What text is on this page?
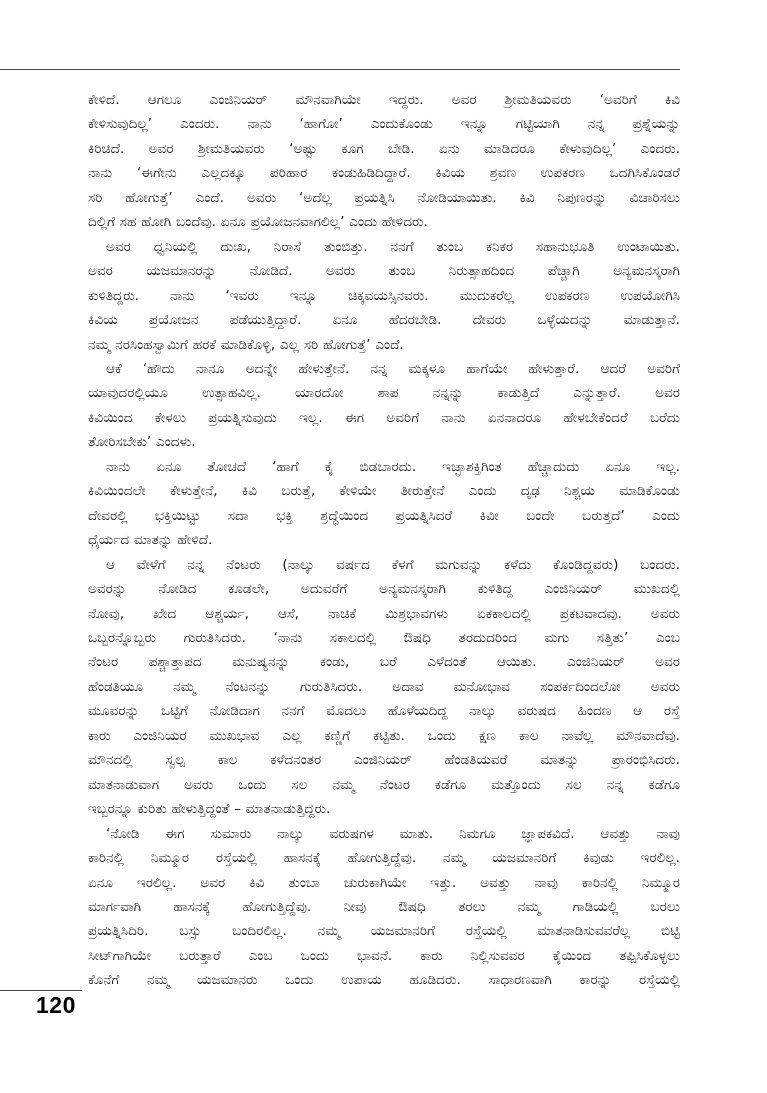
ಕೇಳಿದೆ. ಆಗಲೂ ಎಂಜಿನಿಯರ್ ಮೌನವಾಗಿಯೇ ಇದ್ದರು. ಅವರ ಶ್ರೀಮತಿಯವರು ‘ಅವರಿಗೆ ಕಿವಿ
ಕೇಳಿಸುವುದಿಲ್ಲ’ ಎಂದರು. ನಾನು ‘ಹಾಗೋ’ ಎಂದುಕೊಂಡು ಇನ್ನೂ ಗಟ್ಟಿಯಾಗಿ ನನ್ನ ಪ್ರಶ್ನೆಯನ್ನು
ಕಿರಿಚಿದೆ. ಅವರ ಶ್ರೀಮತಿಯವರು ‘ಅಷ್ಟು ಕೂಗ ಬೇಡಿ. ಏನು ಮಾಡಿದರೂ ಕೇಳುವುದಿಲ್ಲ’ ಎಂದರು.
ನಾನು ‘ಈಗೇನು ಎಲ್ಲದಕ್ಕೂ ಪರಿಹಾರ ಕಂಡುಹಿಡಿದಿದ್ದಾರೆ. ಕಿವಿಯ ಶ್ರವಣ ಉಪಕರಣ ಒದಗಿಸಿಕೊಂಡರೆ
ಸರಿ ಹೋಗುತ್ತೆ’ ಎಂದೆ. ಅವರು ‘ಅದೆಲ್ಲ ಪ್ರಯತ್ನಿಸಿ ನೋಡಿಯಾಯಿತು. ಕಿವಿ ನಿಪುಣರನ್ನು ವಿಚಾರಿಸಲು
ದಿಲ್ಲಿಗೆ ಸಹ ಹೋಗಿ ಬಂದೆವು. ಏನೂ ಪ್ರಯೋಜನವಾಗಲಿಲ್ಲ’ ಎಂದು ಹೇಳಿದರು.
ಅವರ ಧ್ವನಿಯಲ್ಲಿ ದುಃಖ, ನಿರಾಸೆ ತುಂಬಿತ್ತು. ನನಗೆ ತುಂಬ ಕನಿಕರ ಸಹಾನುಭೂತಿ ಉಂಟಾಯಿತು.
ಅವರ ಯಜಮಾನರನ್ನು ನೋಡಿದೆ. ಅವರು ತುಂಬ ನಿರುತ್ಸಾಹದಿಂದ ಪೆಚ್ಚಾಗಿ ಅನ್ಯಮನಸ್ಕರಾಗಿ
ಕುಳಿತಿದ್ದರು. ನಾನು ‘ಇವರು ಇನ್ನೂ ಚಿಕ್ಕವಯಸ್ಸಿನವರು. ಮುದುಕರೆಲ್ಲ ಉಪಕರಣ ಉಪಯೋಗಿಸಿ
ಕಿವಿಯ ಪ್ರಯೋಜನ ಪಡೆಯುತ್ತಿದ್ದಾರೆ. ಏನೂ ಹೆದರಬೇಡಿ. ದೇವರು ಒಳ್ಳೆಯದನ್ನು ಮಾಡುತ್ತಾನೆ.
ನಮ್ಮ ನರಸಿಂಹಸ್ವಾಮಿಗೆ ಹರಕೆ ಮಾಡಿಕೊಳ್ಳಿ, ಎಲ್ಲ ಸರಿ ಹೋಗುತ್ತೆ’ ಎಂದೆ.
ಆಕೆ ‘ಹೌದು ನಾನೂ ಅದನ್ನೇ ಹೇಳುತ್ತೇನೆ. ನನ್ನ ಮಕ್ಕಳೂ ಹಾಗೆಯೇ ಹೇಳುತ್ತಾರೆ. ಆದರೆ ಅವರಿಗೆ
ಯಾವುದರಲ್ಲಿಯೂ ಉತ್ಸಾಹವಿಲ್ಲ. ಯಾರದೋ ಶಾಪ ನನ್ನನ್ನು ಕಾಡುತ್ತಿದೆ ಎನ್ನುತ್ತಾರೆ. ಅವರ
ಕಿವಿಯಿಂದ ಕೇಳಲು ಪ್ರಯತ್ನಿಸುವುದು ಇಲ್ಲ. ಈಗ ಅವರಿಗೆ ನಾನು ಏನನಾದರೂ ಹೇಳಬೇಕೆಂದರೆ ಬರೆದು
ತೋರಿಸಬೇಕು’ ಎಂದಳು.
ನಾನು ಏನೂ ತೋಚದೆ ‘ಹಾಗೆ ಕೈ ಬಿಡಬಾರದು. ಇಚ್ಛಾಶಕ್ತಿಗಿಂತ ಹೆಚ್ಚಾದುದು ಏನೂ ಇಲ್ಲ.
ಕಿವಿಯಿಂದಲೇ ಕೇಳುತ್ತೇನೆ, ಕಿವಿ ಬರುತ್ತೆ, ಕೇಳಿಯೇ ತೀರುತ್ತೇನೆ ಎಂದು ದೃಢ ನಿಶ್ಚಯ ಮಾಡಿಕೊಂಡು
ದೇವರಲ್ಲಿ ಭಕ್ತಿಯಿಟ್ಟು ಸದಾ ಭಕ್ತಿ ಶ್ರದ್ಧೆಯಿಂದ ಪ್ರಯತ್ನಿಸಿದರೆ ಕಿವೀ ಬಂದೇ ಬರುತ್ತದೆ’ ಎಂದು
ಧೈರ್ಯದ ಮಾತನ್ನು ಹೇಳಿದೆ.
ಆ ವೇಳೆಗೆ ನನ್ನ ನೆಂಟರು (ನಾಲ್ಕು ವರ್ಷದ ಕೆಳಗೆ ಮಗುವನ್ನು ಕಳೆದು ಕೊಂಡಿದ್ದವರು) ಬಂದರು.
ಅವರನ್ನು ನೋಡಿದ ಕೂಡಲೇ, ಅದುವರೆಗೆ ಅನ್ಯಮನಸ್ಕರಾಗಿ ಕುಳಿತಿದ್ದ ಎಂಜಿನಿಯರ್ ಮುಖದಲ್ಲಿ
ನೋವು, ಖೇದ ಆಶ್ಚರ್ಯ, ಆಸೆ, ನಾಚಿಕೆ ಮಿಶ್ರಭಾವಗಳು ಏಕಕಾಲದಲ್ಲಿ ಪ್ರಕಟವಾದವು. ಅವರು
ಒಬ್ಬರನ್ನೊಬ್ಬರು ಗುರುತಿಸಿದರು. ‘ನಾನು ಸಕಾಲದಲ್ಲಿ ಔಷಧಿ ತರದುದರಿಂದ ಮಗು ಸತ್ತಿತು’ ಎಂಬ
ನೆಂಟರ ಪಶ್ಚಾತ್ತಾಪದ ಮನುಷ್ಯನನ್ನು ಕಂಡು, ಬರೆ ಎಳೆದಂತೆ ಆಯಿತು. ಎಂಜಿನಿಯರ್ ಅವರ
ಹೆಂಡತಿಯೂ ನಮ್ಮ ನೆಂಟನನ್ನು ಗುರುತಿಸಿದರು. ಅದಾವ ಮನೋಭಾವ ಸಂಪರ್ಕದಿಂದಲೋ ಅವರು
ಮೂವರನ್ನು ಒಟ್ಟಿಗೆ ನೋಡಿದಾಗ ನನಗೆ ಮೊದಲು ಹೊಳೆಯದಿದ್ದ ನಾಲ್ಕು ವರುಷದ ಹಿಂದಣ ಆ ರಸ್ತೆ
ಕಾರು ಎಂಜಿನಿಯರ ಮುಖಭಾವ ಎಲ್ಲ ಕಣ್ಣಿಗೆ ಕಟ್ಟಿತು. ಒಂದು ಕ್ಷಣ ಕಾಲ ನಾವೆಲ್ಲ ಮೌನವಾದೆವು.
ಮೌನದಲ್ಲಿ ಸ್ವಲ್ಪ ಕಾಲ ಕಳೆದನಂತರ ಎಂಜಿನಿಯರ್ ಹೆಂಡತಿಯವರೆ ಮಾತನ್ನು ಪ್ರಾರಂಭಿಸಿದರು.
ಮಾತನಾಡುವಾಗ ಅವರು ಒಂದು ಸಲ ನಮ್ಮ ನೆಂಟರ ಕಡೆಗೂ ಮತ್ತೊಂದು ಸಲ ನನ್ನ ಕಡೆಗೂ
ಇಬ್ಬರನ್ನೂ ಕುರಿತು ಹೇಳುತ್ತಿದ್ದಂತೆ – ಮಾತನಾಡುತ್ತಿದ್ದರು.
‘ನೋಡಿ ಈಗ ಸುಮಾರು ನಾಲ್ಕು ವರುಷಗಳ ಮಾತು. ನಿಮಗೂ ಜ್ಞಾಪಕವಿದೆ. ಆವತ್ತು ನಾವು
ಕಾರಿನಲ್ಲಿ ನಿಮ್ಮೂರ ರಸ್ತೆಯಲ್ಲಿ ಹಾಸನಕ್ಕೆ ಹೋಗುತ್ತಿದ್ದೆವು. ನಮ್ಮ ಯಜಮಾನರಿಗೆ ಕಿವುಡು ಇರಲಿಲ್ಲ.
ಏನೂ ಇರಲಿಲ್ಲ. ಅವರ ಕಿವಿ ತುಂಬಾ ಚುರುಕಾಗಿಯೇ ಇತ್ತು. ಅವತ್ತು ನಾವು ಕಾರಿನಲ್ಲಿ ನಿಮ್ಮೂರ
ಮಾರ್ಗವಾಗಿ ಹಾಸನಕ್ಕೆ ಹೋಗುತ್ತಿದ್ದೆವು. ನೀವು ಔಷಧಿ ತರಲು ನಮ್ಮ ಗಾಡಿಯಲ್ಲಿ ಬರಲು
ಪ್ರಯತ್ನಿಸಿದಿರಿ. ಬಸ್ಸು ಬಂದಿರಲಿಲ್ಲ. ನಮ್ಮ ಯಜಮಾನರಿಗೆ ರಸ್ತೆಯಲ್ಲಿ ಮಾತನಾಡಿಸುವವರೆಲ್ಲ ಬಿಟ್ಟಿ
ಸೀಟ್‌ಗಾಗಿಯೇ ಬರುತ್ತಾರೆ ಎಂಬ ಒಂದು ಭಾವನೆ. ಕಾರು ನಿಲ್ಲಿಸುವವರ ಕೈಯಿಂದ ತಪ್ಪಿಸಿಕೊಳ್ಳಲು
ಕೊನೆಗೆ ನಮ್ಮ ಯಜಮಾನರು ಒಂದು ಉಪಾಯ ಹೂಡಿದರು. ಸಾಧಾರಣವಾಗಿ ಕಾರನ್ನು ರಸ್ತೆಯಲ್ಲಿ
120
